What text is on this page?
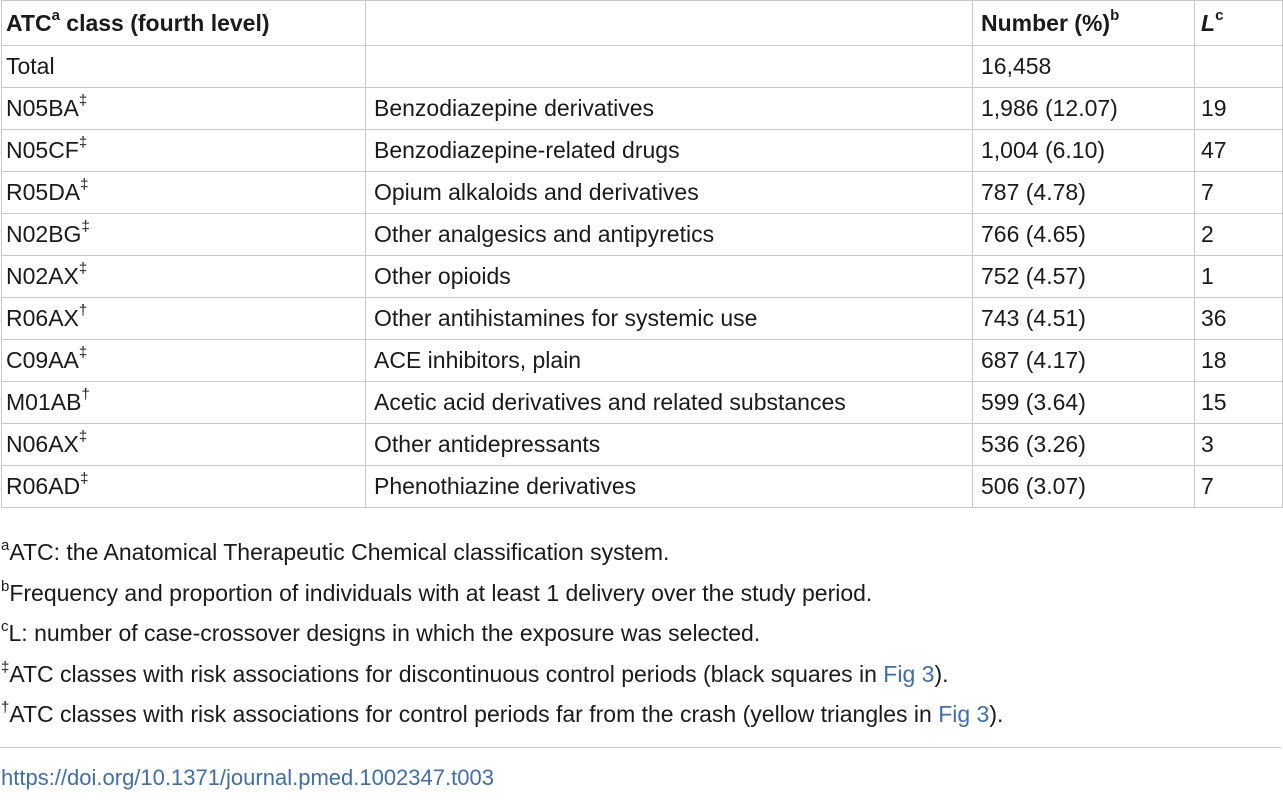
ATC$^a$ class (fourth level)		Number (%)$^b$	$L^c$
Total		16,458	
N05BA‡	Benzodiazepine derivatives	1,986 (12.07)	19
N05CF‡	Benzodiazepine-related drugs	1,004 (6.10)	47
R05DA‡	Opium alkaloids and derivatives	787 (4.78)	7
N02BG‡	Other analgesics and antipyretics	766 (4.65)	2
N02AX‡	Other opioids	752 (4.57)	1
R06AX†	Other antihistamines for systemic use	743 (4.51)	36
C09AA‡	ACE inhibitors, plain	687 (4.17)	18
M01AB†	Acetic acid derivatives and related substances	599 (3.64)	15
N06AX‡	Other antidepressants	536 (3.26)	3
R06AD‡	Phenothiazine derivatives	506 (3.07)	7
$^a$ATC: the Anatomical Therapeutic Chemical classification system.
$^b$Frequency and proportion of individuals with at least 1 delivery over the study period.
$^c$L: number of case-crossover designs in which the exposure was selected.
‡ATC classes with risk associations for discontinuous control periods (black squares in Fig 3).
†ATC classes with risk associations for control periods far from the crash (yellow triangles in Fig 3).
https://doi.org/10.1371/journal.pmed.1002347.t003
